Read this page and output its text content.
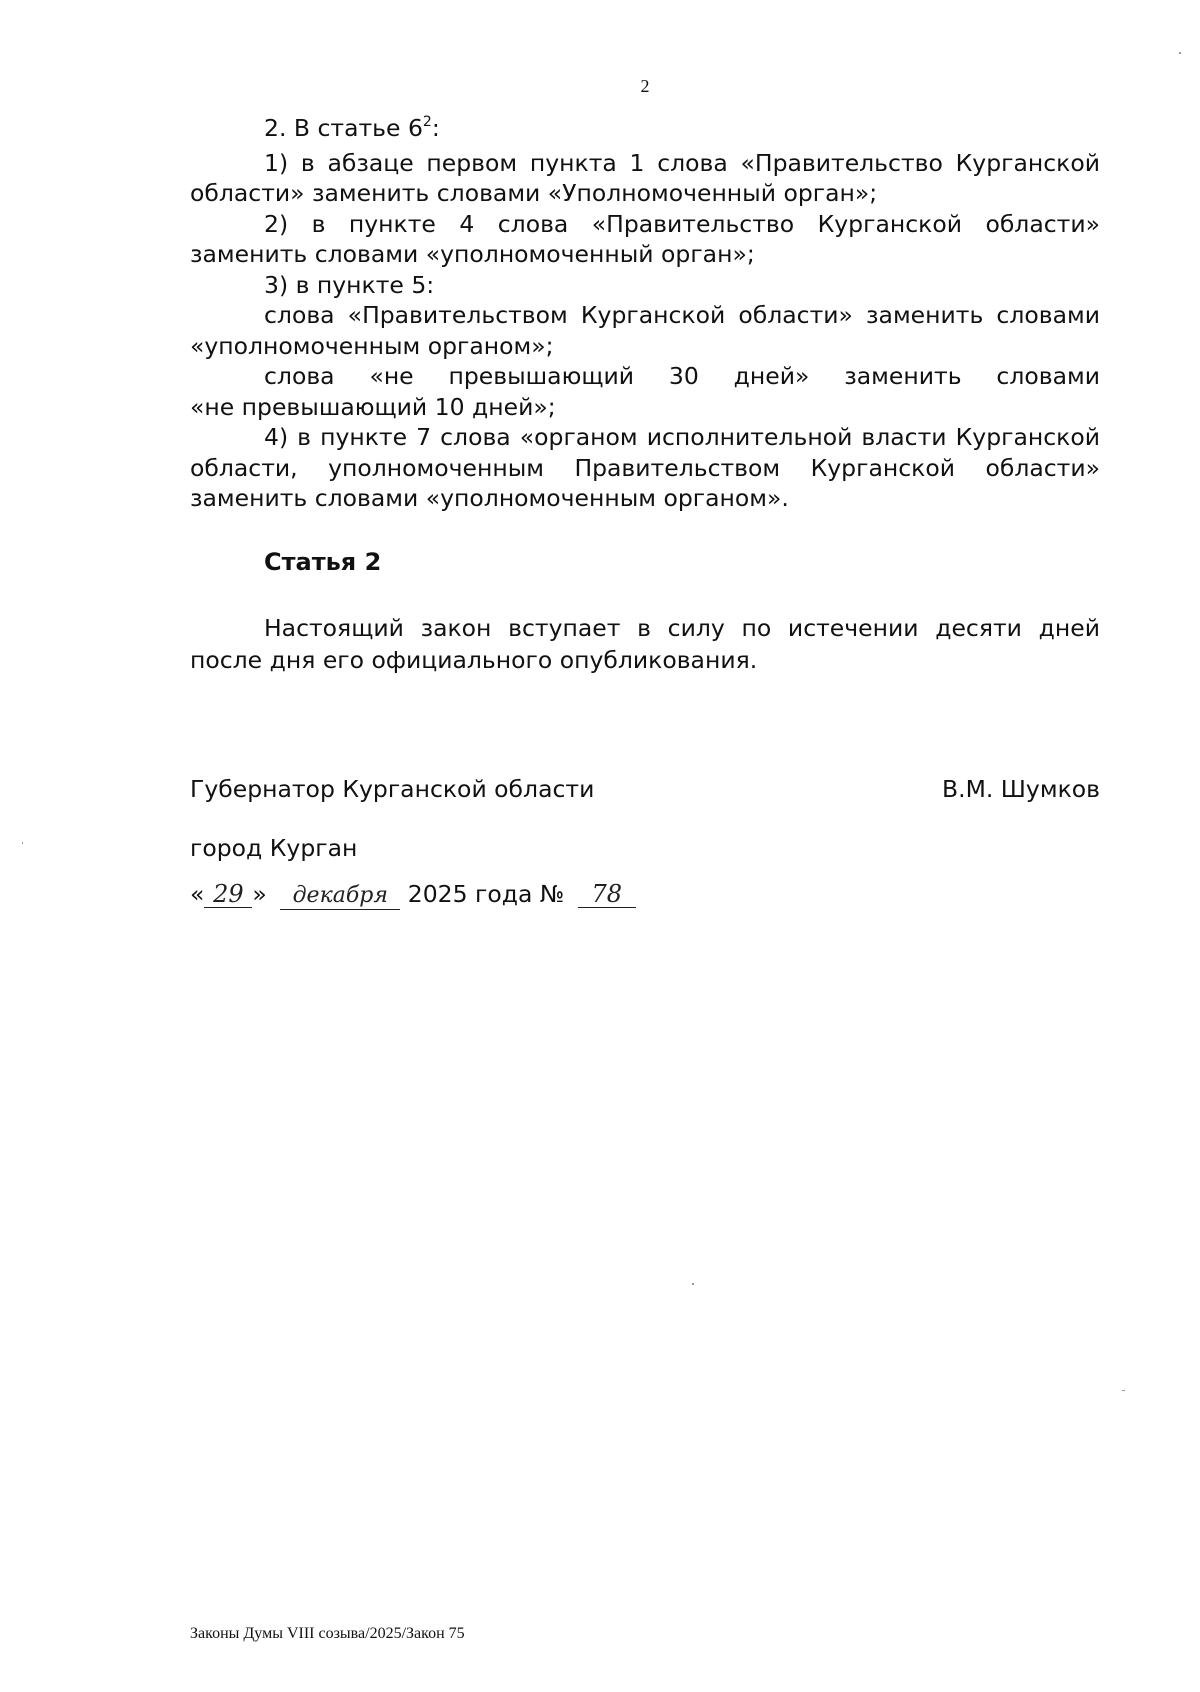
2

2. В статье $6^2$:

1) в абзаце первом пункта 1 слова «Правительство Курганской области» заменить словами «Уполномоченный орган»;

2) в пункте 4 слова «Правительство Курганской области» заменить словами «уполномоченный орган»;

3) в пункте 5:

слова «Правительством Курганской области» заменить словами «уполномоченным органом»;

слова «не превышающий 30 дней» заменить словами

«не превышающий 10 дней»;

4) в пункте 7 слова «органом исполнительной власти Курганской области, уполномоченным Правительством Курганской области» заменить словами «уполномоченным органом».

Статья 2

Настоящий закон вступает в силу по истечении десяти дней после дня его официального опубликования.

Губернатор Курганской области	В.М. Шумков
город Курган
« 29 » декабря 2025 года № 78
Законы Думы VIII созыва/2025/Закон 75
